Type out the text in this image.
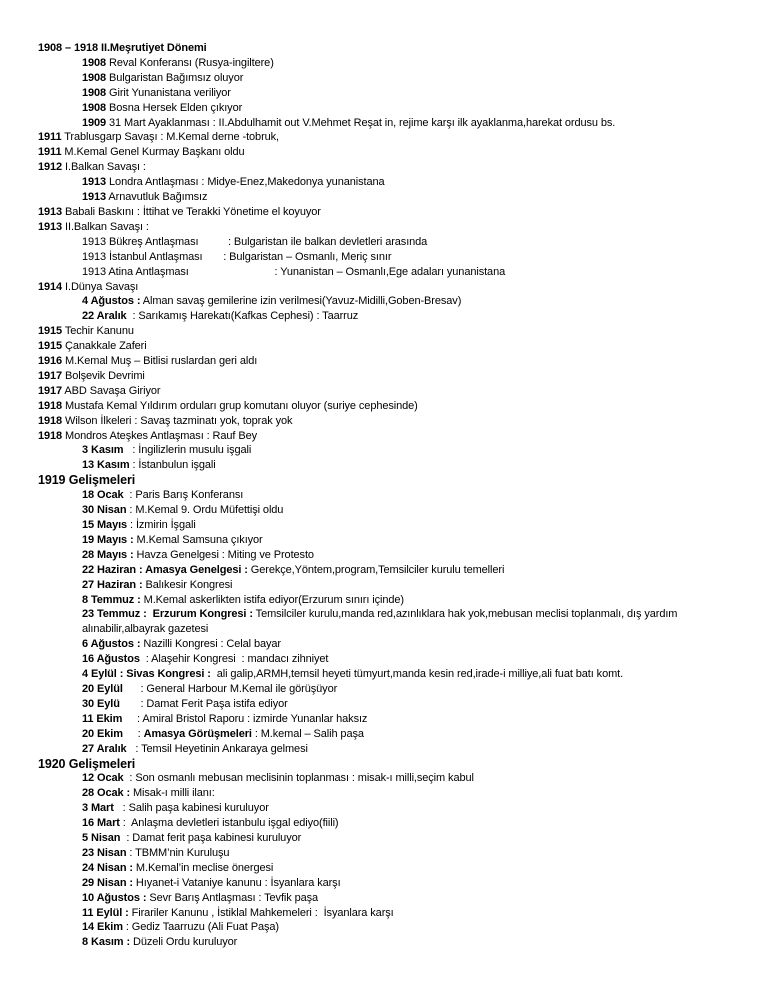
1908 – 1918 II.Meşrutiyet Dönemi
1908 Reval Konferansı (Rusya-ingiltere)
1908 Bulgaristan Bağımsız oluyor
1908 Girit Yunanistana veriliyor
1908 Bosna Hersek Elden çıkıyor
1909 31 Mart Ayaklanması : II.Abdulhamit out V.Mehmet Reşat in, rejime karşı ilk ayaklanma,harekat ordusu bs.
1911 Trablusgarp Savaşı : M.Kemal derne -tobruk,
1911 M.Kemal Genel Kurmay Başkanı oldu
1912 I.Balkan Savaşı :
1913 Londra Antlaşması : Midye-Enez,Makedonya yunanistana
1913 Arnavutluk Bağımsız
1913 Babali Baskını : İttihat ve Terakki Yönetime el koyuyor
1913 II.Balkan Savaşı :
1913 Bükreş Antlaşması          : Bulgaristan ile balkan devletleri arasında
1913 İstanbul Antlaşması       : Bulgaristan – Osmanlı, Meriç sınır
1913 Atina Antlaşması                             : Yunanistan – Osmanlı,Ege adaları yunanistana
1914 I.Dünya Savaşı
4 Ağustos : Alman savaş gemilerine izin verilmesi(Yavuz-Midilli,Goben-Bresav)
22 Aralık  : Sarıkamış Harekatı(Kafkas Cephesi) : Taarruz
1915 Techir Kanunu
1915 Çanakkale Zaferi
1916 M.Kemal Muş – Bitlisi ruslardan geri aldı
1917 Bolşevik Devrimi
1917 ABD Savaşa Giriyor
1918 Mustafa Kemal Yıldırım orduları grup komutanı oluyor (suriye cephesinde)
1918 Wilson İlkeleri : Savaş tazminatı yok, toprak yok
1918 Mondros Ateşkes Antlaşması : Rauf Bey
3 Kasım   : İngilizlerin musulu işgali
13 Kasım : İstanbulun işgali
1919 Gelişmeleri
18 Ocak  : Paris Barış Konferansı
30 Nisan : M.Kemal 9. Ordu Müfettişi oldu
15 Mayıs : İzmirin İşgali
19 Mayıs : M.Kemal Samsuna çıkıyor
28 Mayıs : Havza Genelgesi : Miting ve Protesto
22 Haziran : Amasya Genelgesi : Gerekçe,Yöntem,program,Temsilciler kurulu temelleri
27 Haziran : Balıkesir Kongresi
8 Temmuz : M.Kemal askerlikten istifa ediyor(Erzurum sınırı içinde)
23 Temmuz :  Erzurum Kongresi : Temsilciler kurulu,manda red,azınlıklara hak yok,mebusan meclisi toplanmalı, dış yardım
alınabilir,albayrak gazetesi
6 Ağustos : Nazilli Kongresi : Celal bayar
16 Ağustos  : Alaşehir Kongresi  : mandacı zihniyet
4 Eylül : Sivas Kongresi :  ali galip,ARMH,temsil heyeti tümyurt,manda kesin red,irade-i milliye,ali fuat batı komt.
20 Eylül      : General Harbour M.Kemal ile görüşüyor
30 Eylü       : Damat Ferit Paşa istifa ediyor
11 Ekim     : Amiral Bristol Raporu : izmirde Yunanlar haksız
20 Ekim     : Amasya Görüşmeleri : M.kemal – Salih paşa
27 Aralık   : Temsil Heyetinin Ankaraya gelmesi
1920 Gelişmeleri
12 Ocak  : Son osmanlı mebusan meclisinin toplanması : misak-ı milli,seçim kabul
28 Ocak : Misak-ı milli ilanı:
3 Mart   : Salih paşa kabinesi kuruluyor
16 Mart :  Anlaşma devletleri istanbulu işgal ediyo(fiili)
5 Nisan  : Damat ferit paşa kabinesi kuruluyor
23 Nisan : TBMM’nin Kuruluşu
24 Nisan : M.Kemal’in meclise önergesi
29 Nisan : Hıyanet-i Vataniye kanunu : İsyanlara karşı
10 Ağustos : Sevr Barış Antlaşması : Tevfik paşa
11 Eylül : Firariler Kanunu , İstiklal Mahkemeleri :  İsyanlara karşı
14 Ekim : Gediz Taarruzu (Ali Fuat Paşa)
8 Kasım : Düzeli Ordu kuruluyor
